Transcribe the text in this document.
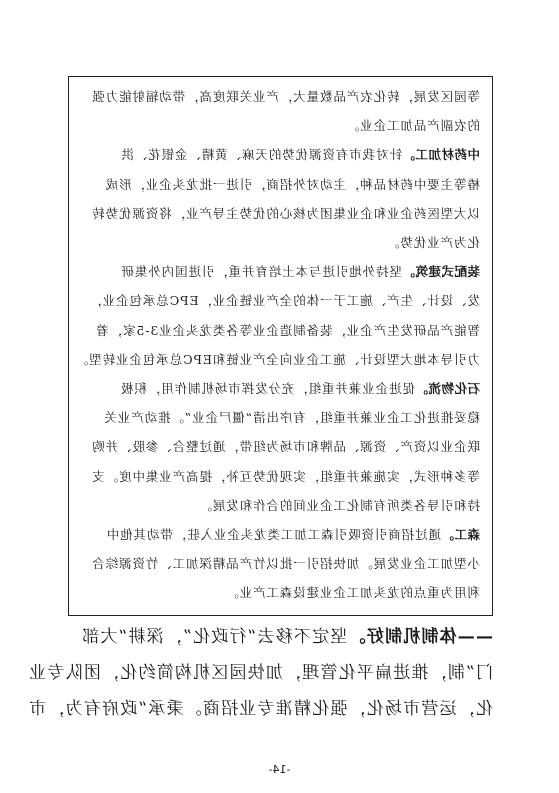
等园区发展，转化农产品数量大，产业关联度高，带动辐射能力强
的农副产品加工企业。
中药材加工。针对我市有资源优势的天麻、黄精、金银花、洪
椿等主要中药材品种，主动对外招商，引进一批龙头企业，形成
以大型医药企业和企业集团为核心的优势主导产业，将资源优势转
化为产业优势。
装配式建筑。坚持外地引进与本土培育并重，引进国内外集研
发、设计、生产、施工于一体的全产业链企业，EPC总承包企业，
智能产品研发生产企业，装备制造企业等各类龙头企业3-5家，着
力引导本地大型设计、施工企业向全产业链和EPC总承包企业转型。
石化物流。促进企业兼并重组，充分发挥市场机制作用，积极
稳妥推进化工企业兼并重组，有序出清“僵尸企业”。推动产业关
联企业以资产、资源、品牌和市场为纽带，通过整合、参股、并购
等多种形式，实施兼并重组，实现优势互补，提高产业集中度。支
持和引导各类所有制化工企业间的合作和发展。
森工。通过招商引资吸引森工加工类龙头企业入驻，带动其他中
小型加工企业发展。加快招引一批以竹产品精深加工、竹资源综合
利用为重点的龙头加工企业建设森工产业。
——体制机制好。坚定不移去“行政化”，深耕“大部
门”制，推进扁平化管理，加快园区机构简约化，团队专业
化，运营市场化，强化精准专业招商。秉承“政府有为，市
-14-
